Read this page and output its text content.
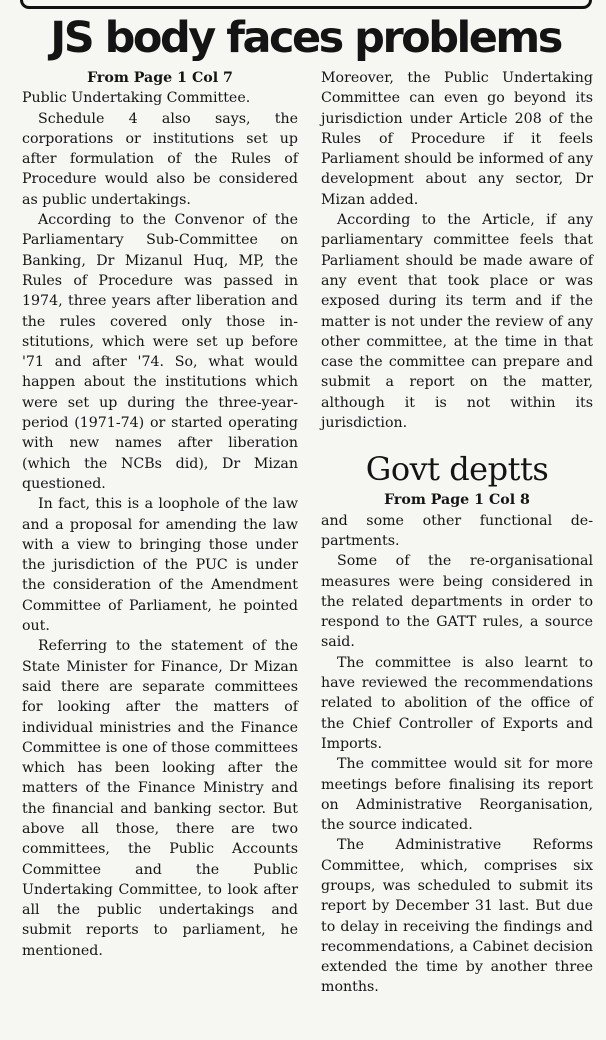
JS body faces problems

From Page 1 Col 7

Public Undertaking Committee.

Schedule 4 also says, the corporations or institutions set up after formulation of the Rules of Procedure would also be considered as public undertakings.

According to the Convenor of the Parliamentary Sub-Committee on Banking, Dr Mizanul Huq, MP, the Rules of Procedure was passed in 1974, three years after liberation and the rules covered only those institutions, which were set up before '71 and after '74. So, what would happen about the institutions which were set up during the three-year-period (1971-74) or started operating with new names after liberation (which the NCBs did), Dr Mizan questioned.

In fact, this is a loophole of the law and a proposal for amending the law with a view to bringing those under the jurisdiction of the PUC is under the consideration of the Amendment Committee of Parliament, he pointed out.

Referring to the statement of the State Minister for Finance, Dr Mizan said there are separate committees for looking after the matters of individual ministries and the Finance Committee is one of those committees which has been looking after the matters of the Finance Ministry and the financial and banking sector. But above all those, there are two committees, the Public Accounts Committee and the Public Undertaking Committee, to look after all the public undertakings and submit reports to parliament, he mentioned.

Moreover, the Public Undertaking Committee can even go beyond its jurisdiction under Article 208 of the Rules of Procedure if it feels Parliament should be informed of any development about any sector, Dr Mizan added.

According to the Article, if any parliamentary committee feels that Parliament should be made aware of any event that took place or was exposed during its term and if the matter is not under the review of any other committee, at the time in that case the committee can prepare and submit a report on the matter, although it is not within its jurisdiction.

Govt deptts

From Page 1 Col 8

and some other functional departments.

Some of the re-organisational measures were being considered in the related departments in order to respond to the GATT rules, a source said.

The committee is also learnt to have reviewed the recommendations related to abolition of the office of the Chief Controller of Exports and Imports.

The committee would sit for more meetings before finalising its report on Administrative Reorganisation, the source indicated.

The Administrative Reforms Committee, which, comprises six groups, was scheduled to submit its report by December 31 last. But due to delay in receiving the findings and recommendations, a Cabinet decision extended the time by another three months.
